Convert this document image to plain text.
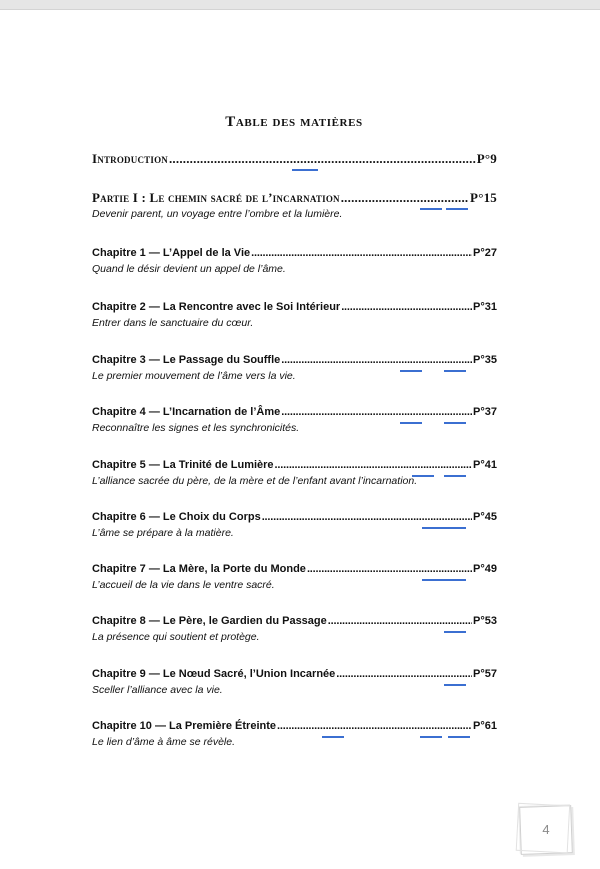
Table des matières
Introduction .....	P°9
Partie I : Le chemin sacré de l’incarnation .....	P°15
Devenir parent, un voyage entre l’ombre et la lumière.
Chapitre 1 — L’Appel de la Vie .....	P°27
Quand le désir devient un appel de l’âme.
Chapitre 2 — La Rencontre avec le Soi Intérieur .....	P°31
Entrer dans le sanctuaire du cœur.
Chapitre 3 — Le Passage du Souffle .....	P°35
Le premier mouvement de l’âme vers la vie.
Chapitre 4 — L’Incarnation de l’Âme .....	P°37
Reconnaître les signes et les synchronicités.
Chapitre 5 — La Trinité de Lumière .....	P°41
L’alliance sacrée du père, de la mère et de l’enfant avant l’incarnation.
Chapitre 6 — Le Choix du Corps .....	P°45
L’âme se prépare à la matière.
Chapitre 7 — La Mère, la Porte du Monde .....	P°49
L’accueil de la vie dans le ventre sacré.
Chapitre 8 — Le Père, le Gardien du Passage .....	P°53
La présence qui soutient et protège.
Chapitre 9 — Le Nœud Sacré, l’Union Incarnée .....	P°57
Sceller l’alliance avec la vie.
Chapitre 10 — La Première Étreinte .....	P°61
Le lien d’âme à âme se révèle.
4
